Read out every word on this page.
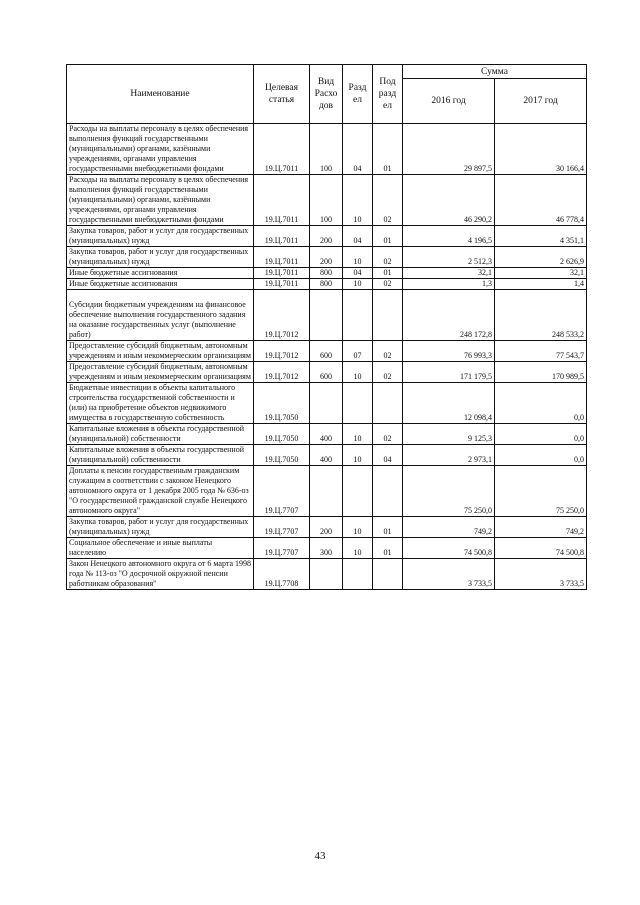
Наименование	Целевая статья	Вид Расхо дов	Разд ел	Под разд ел	Сумма	
					2016 год	2017 год
Расходы на выплаты персоналу в целях обеспечения выполнения функций государственными (муниципальными) органами, казёнными учреждениями, органами управления государственными внебюджетными фондами	19.Ц.7011	100	04	01	29 897,5	30 166,4
Расходы на выплаты персоналу в целях обеспечения выполнения функций государственными (муниципальными) органами, казёнными учреждениями, органами управления государственными внебюджетными фондами	19.Ц.7011	100	10	02	46 290,2	46 778,4
Закупка товаров, работ и услуг для государственных (муниципальных) нужд	19.Ц.7011	200	04	01	4 196,5	4 351,1
Закупка товаров, работ и услуг для государственных (муниципальных) нужд	19.Ц.7011	200	10	02	2 512,3	2 626,9
Иные бюджетные ассигнования	19.Ц.7011	800	04	01	32,1	32,1
Иные бюджетные ассигнования	19.Ц.7011	800	10	02	1,3	1,4
Субсидии бюджетным учреждениям на финансовое обеспечение выполнения государственного задания на оказание государственных услуг (выполнение работ)	19.Ц.7012				248 172,8	248 533,2
Предоставление субсидий бюджетным, автономным учреждениям и иным некоммерческим организациям	19.Ц.7012	600	07	02	76 993,3	77 543,7
Предоставление субсидий бюджетным, автономным учреждениям и иным некоммерческим организациям	19.Ц.7012	600	10	02	171 179,5	170 989,5
Бюджетные инвестиции в объекты капитального строительства государственной собственности и (или) на приобретение объектов недвижимого имущества в государственную собственность	19.Ц.7050				12 098,4	0,0
Капитальные вложения в объекты государственной (муниципальной) собственности	19.Ц.7050	400	10	02	9 125,3	0,0
Капитальные вложения в объекты государственной (муниципальной) собственности	19.Ц.7050	400	10	04	2 973,1	0,0
Доплаты к пенсии государственным гражданским служащим в соответствии с законом Ненецкого автономного округа от 1 декабря 2005 года № 636-оз "О государственной гражданской службе Ненецкого автономного округа"	19.Ц.7707				75 250,0	75 250,0
Закупка товаров, работ и услуг для государственных (муниципальных) нужд	19.Ц.7707	200	10	01	749,2	749,2
Социальное обеспечение и иные выплаты населению	19.Ц.7707	300	10	01	74 500,8	74 500,8
Закон Ненецкого автономного округа от 6 марта 1998 года № 113-оз "О досрочной окружной пенсии работникам образования"	19.Ц.7708				3 733,5	3 733,5
43
